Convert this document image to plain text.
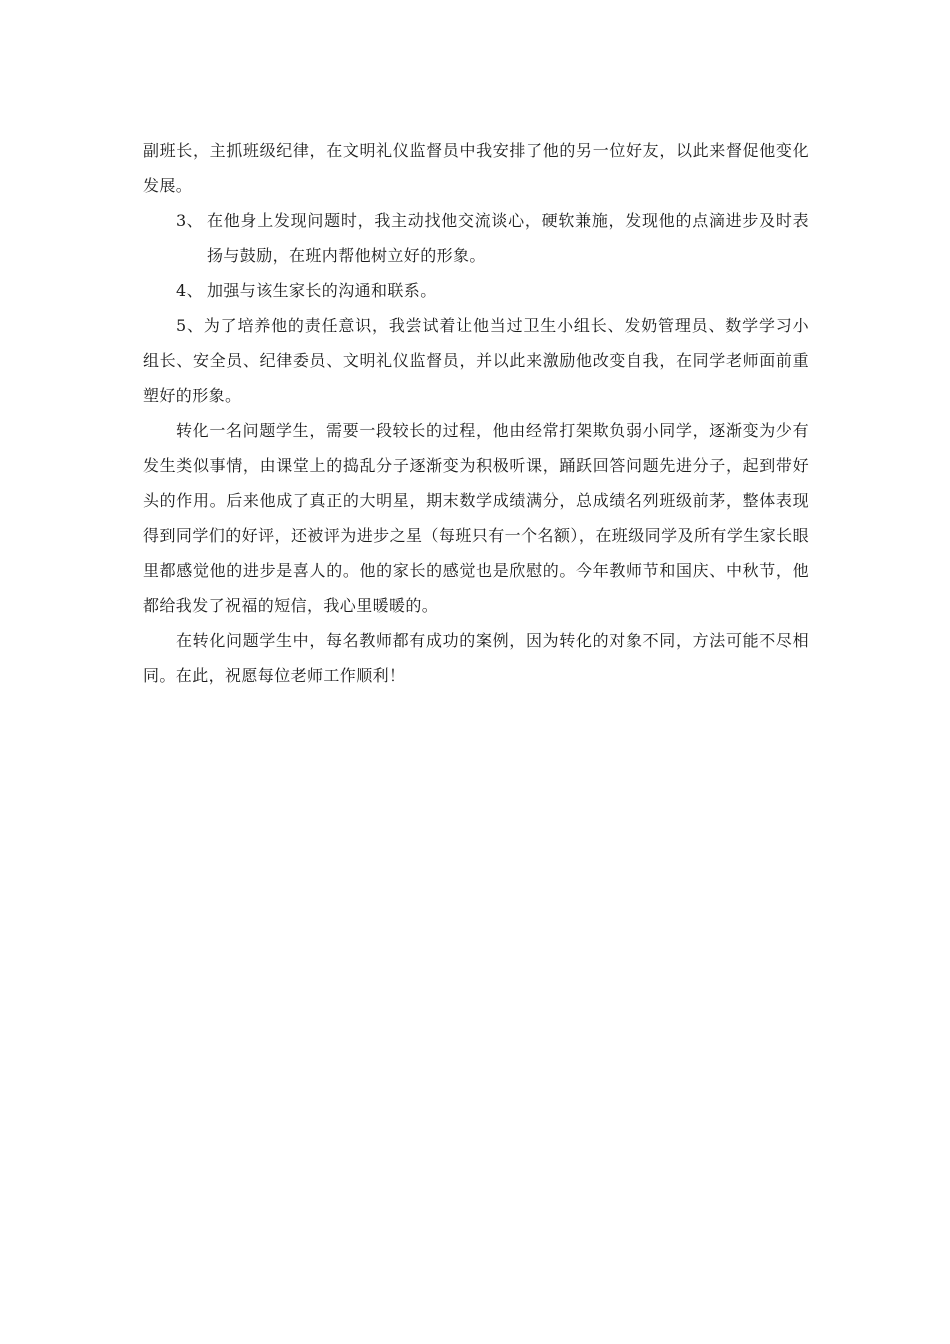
副班长，主抓班级纪律，在文明礼仪监督员中我安排了他的另一位好友，以此来督促他变化发展。

3、 在他身上发现问题时，我主动找他交流谈心，硬软兼施，发现他的点滴进步及时表扬与鼓励，在班内帮他树立好的形象。
4、 加强与该生家长的沟通和联系。

5、为了培养他的责任意识，我尝试着让他当过卫生小组长、发奶管理员、数学学习小组长、安全员、纪律委员、文明礼仪监督员，并以此来激励他改变自我，在同学老师面前重塑好的形象。

转化一名问题学生，需要一段较长的过程，他由经常打架欺负弱小同学，逐渐变为少有发生类似事情，由课堂上的捣乱分子逐渐变为积极听课，踊跃回答问题先进分子，起到带好头的作用。后来他成了真正的大明星，期末数学成绩满分，总成绩名列班级前茅，整体表现得到同学们的好评，还被评为进步之星（每班只有一个名额），在班级同学及所有学生家长眼里都感觉他的进步是喜人的。他的家长的感觉也是欣慰的。今年教师节和国庆、中秋节，他都给我发了祝福的短信，我心里暖暖的。

在转化问题学生中，每名教师都有成功的案例，因为转化的对象不同，方法可能不尽相同。在此，祝愿每位老师工作顺利！
